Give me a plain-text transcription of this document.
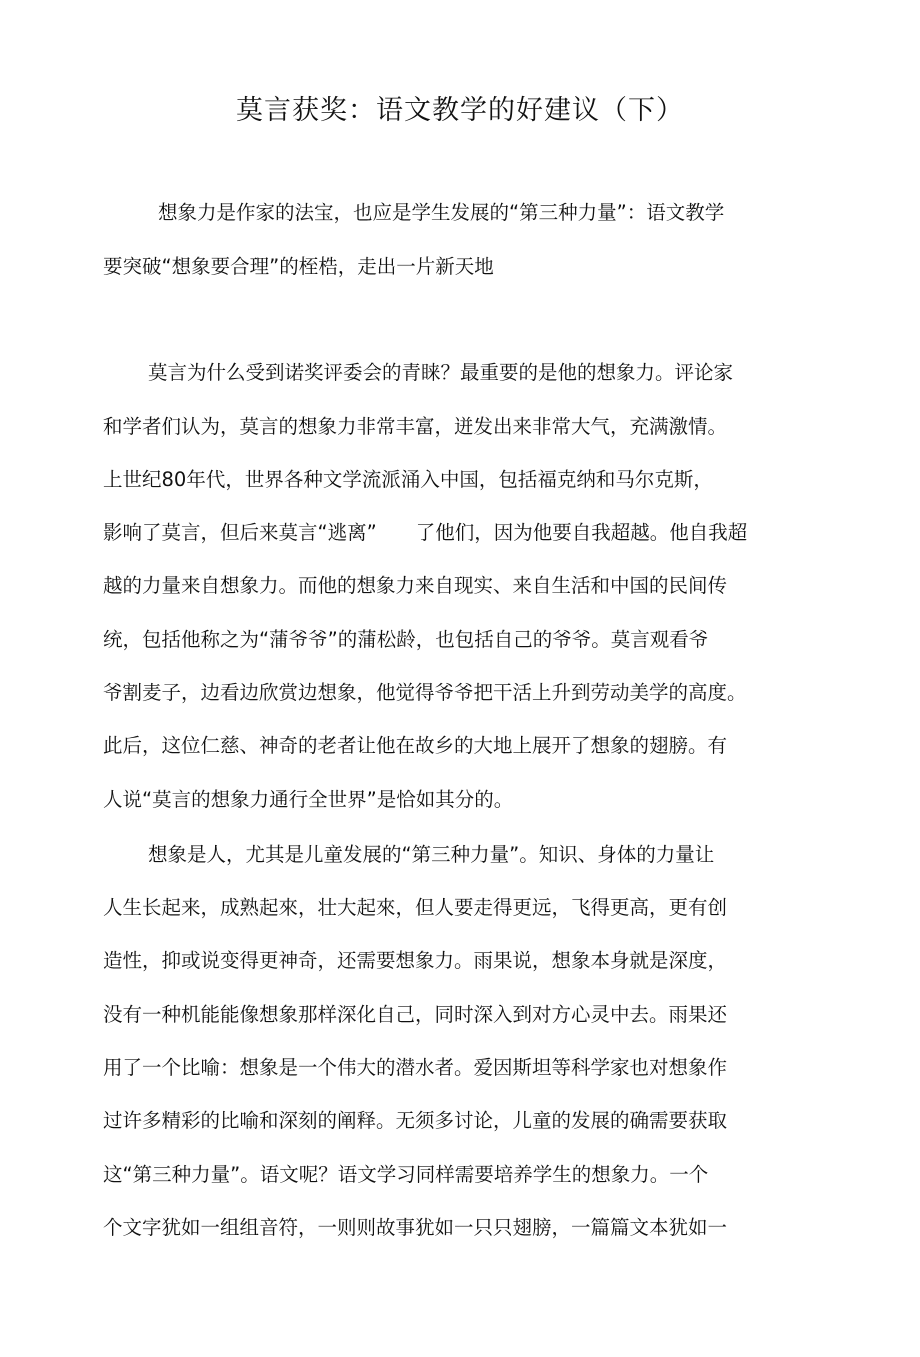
莫言获奖：语文教学的好建议（下）
想象力是作家的法宝，也应是学生发展的“第三种力量”：语文教学
要突破“想象要合理”的桎梏，走出一片新天地
莫言为什么受到诺奖评委会的青睐？最重要的是他的想象力。评论家
和学者们认为，莫言的想象力非常丰富，迸发出来非常大气，充满激情。
上世纪80年代，世界各种文学流派涌入中国，包括福克纳和马尔克斯，
影响了莫言，但后来莫言“逃离”　　了他们，因为他要自我超越。他自我超
越的力量来自想象力。而他的想象力来自现实、来自生活和中国的民间传
统，包括他称之为“蒲爷爷”的蒲松龄，也包括自己的爷爷。莫言观看爷
爷割麦子，边看边欣赏边想象，他觉得爷爷把干活上升到劳动美学的高度。
此后，这位仁慈、神奇的老者让他在故乡的大地上展开了想象的翅膀。有
人说“莫言的想象力通行全世界”是恰如其分的。
想象是人，尤其是儿童发展的“第三种力量”。知识、身体的力量让
人生长起来，成熟起來，壮大起來，但人要走得更远，飞得更高，更有创
造性，抑或说变得更神奇，还需要想象力。雨果说，想象本身就是深度，
没有一种机能能像想象那样深化自己，同时深入到对方心灵中去。雨果还
用了一个比喻：想象是一个伟大的潜水者。爱因斯坦等科学家也对想象作
过许多精彩的比喻和深刻的阐释。无须多讨论，儿童的发展的确需要获取
这“第三种力量”。语文呢？语文学习同样需要培养学生的想象力。一个
个文字犹如一组组音符，一则则故事犹如一只只翅膀，一篇篇文本犹如一
